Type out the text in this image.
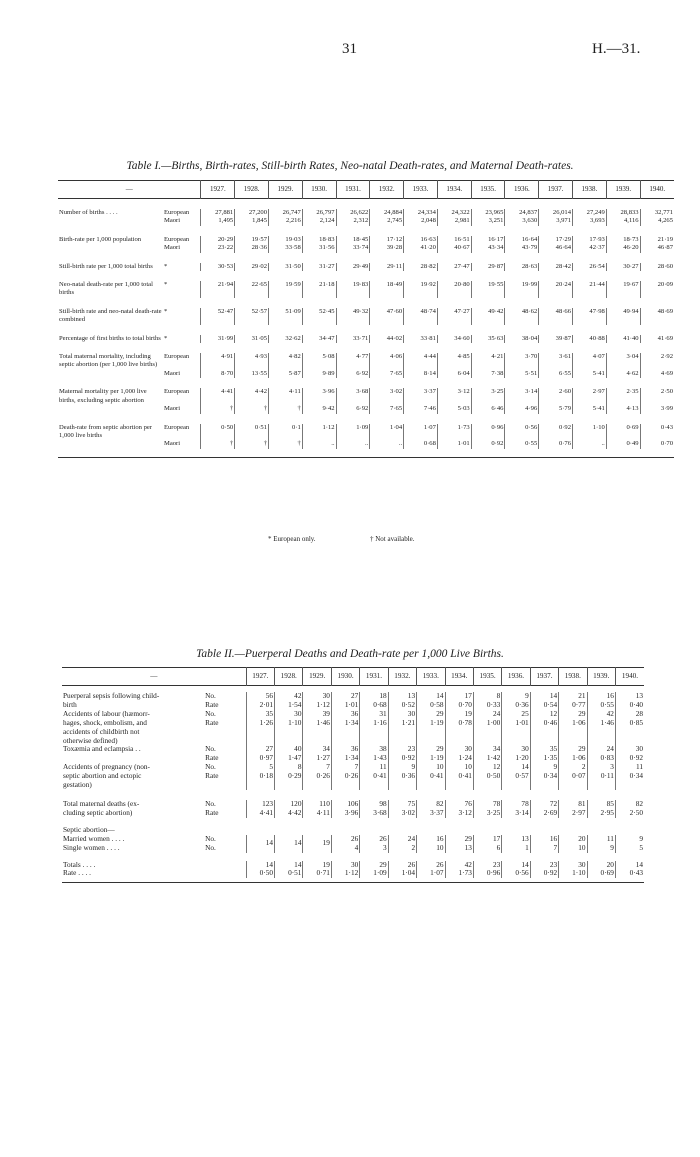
31	H.—31.
Table I.—Births, Birth-rates, Still-birth Rates, Neo-natal Death-rates, and Maternal Death-rates.
—		1927.	1928.	1929.	1930.	1931.	1932.	1933.	1934.	1935.	1936.	1937.	1938.	1939.	1940.

Number of births . . . .	European	27,881	27,200	26,747	26,797	26,622	24,884	24,334	24,322	23,965	24,837	26,014	27,249	28,833	32,771
	Maori	1,495	1,845	2,216	2,124	2,312	2,745	2,048	2,981	3,251	3,630	3,971	3,693	4,116	4,265

Birth-rate per 1,000 population	European	20·29	19·57	19·03	18·83	18·45	17·12	16·63	16·51	16·17	16·64	17·29	17·93	18·73	21·19
	Maori	23·22	28·36	33·58	31·56	33·74	39·28	41·20	40·67	43·34	43·79	46·64	42·37	46·20	46·87

Still-birth rate per 1,000 total births	*	30·53	29·02	31·50	31·27	29·49	29·11	28·82	27·47	29·87	28·63	28·42	26·54	30·27	28·60

Neo-natal death-rate per 1,000 total births	*	21·94	22·65	19·59	21·18	19·83	18·49	19·92	20·80	19·55	19·99	20·24	21·44	19·67	20·09

Still-birth rate and neo-natal death-rate combined	*	52·47	52·57	51·09	52·45	49·32	47·60	48·74	47·27	49·42	48·62	48·66	47·98	49·94	48·69

Percentage of first births to total births	*	31·99	31·05	32·62	34·47	33·71	44·02	33·81	34·60	35·63	38·04	39·87	40·88	41·40	41·69

Total maternal mortality, including septic abortion (per 1,000 live births)	European	4·91	4·93	4·82	5·08	4·77	4·06	4·44	4·85	4·21	3·70	3·61	4·07	3·04	2·92
	Maori	8·70	13·55	5·87	9·89	6·92	7·65	8·14	6·04	7·38	5·51	6·55	5·41	4·62	4·69

Maternal mortality per 1,000 live births, excluding septic abortion	European	4·41	4·42	4·11	3·96	3·68	3·02	3·37	3·12	3·25	3·14	2·60	2·97	2·35	2·50
	Maori	†	†	†	9·42	6·92	7·65	7·46	5·03	6·46	4·96	5·79	5·41	4·13	3·99

Death-rate from septic abortion per 1,000 live births	European	0·50	0·51	0·1	1·12	1·09	1·04	1·07	1·73	0·96	0·56	0·92	1·10	0·69	0·43
	Maori	†	†	†	..	..	..	0·68	1·01	0·92	0·55	0·76	..	0·49	0·70

* European only.	† Not available.
Table II.—Puerperal Deaths and Death-rate per 1,000 Live Births.
—		1927.	1928.	1929.	1930.	1931.	1932.	1933.	1934.	1935.	1936.	1937.	1938.	1939.	1940.

Puerperal sepsis following child-	No.	56	42	30	27	18	13	14	17	8	9	14	21	16	13
birth	Rate	2·01	1·54	1·12	1·01	0·68	0·52	0·58	0·70	0·33	0·36	0·54	0·77	0·55	0·40
Accidents of labour (hæmorr-	No.	35	30	39	36	31	30	29	19	24	25	12	29	42	28
hages, shock, embolism, and	Rate	1·26	1·10	1·46	1·34	1·16	1·21	1·19	0·78	1·00	1·01	0·46	1·06	1·46	0·85
accidents of childbirth not															
otherwise defined)															
Toxæmia and eclampsia . .	No.	27	40	34	36	38	23	29	30	34	30	35	29	24	30
	Rate	0·97	1·47	1·27	1·34	1·43	0·92	1·19	1·24	1·42	1·20	1·35	1·06	0·83	0·92
Accidents of pregnancy (non-	No.	5	8	7	7	11	9	10	10	12	14	9	2	3	11
septic abortion and ectopic	Rate	0·18	0·29	0·26	0·26	0·41	0·36	0·41	0·41	0·50	0·57	0·34	0·07	0·11	0·34
gestation)															

Total maternal deaths (ex-	No.	123	120	110	106	98	75	82	76	78	78	72	81	85	82
cluding septic abortion)	Rate	4·41	4·42	4·11	3·96	3·68	3·02	3·37	3·12	3·25	3·14	2·69	2·97	2·95	2·50

Septic abortion—															
Married women . . . .	No.	14	14	19	26	26	24	16	29	17	13	16	20	11	9
Single women . . . .	No.				4	3	2	10	13	6	1	7	10	9	5

Totals . . . .		14	14	19	30	29	26	26	42	23	14	23	30	20	14
Rate . . . .		0·50	0·51	0·71	1·12	1·09	1·04	1·07	1·73	0·96	0·56	0·92	1·10	0·69	0·43
